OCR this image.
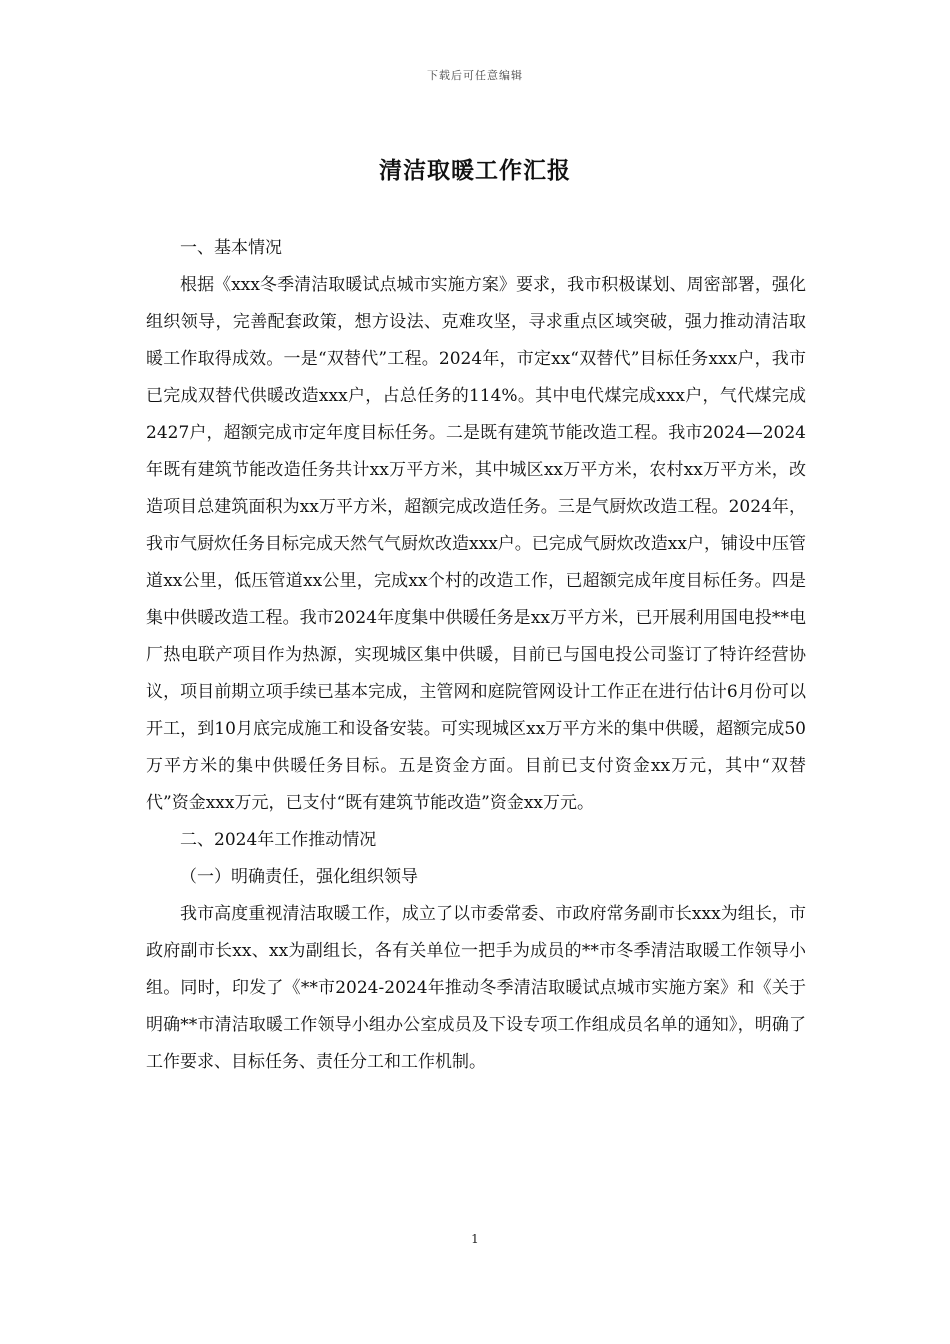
下载后可任意编辑
清洁取暖工作汇报

一、基本情况

根据《xxx冬季清洁取暖试点城市实施方案》要求，我市积极谋划、周密部署，强化组织领导，完善配套政策，想方设法、克难攻坚，寻求重点区域突破，强力推动清洁取暖工作取得成效。一是“双替代”工程。2024年，市定xx“双替代”目标任务xxx户，我市已完成双替代供暖改造xxx户，占总任务的114%。其中电代煤完成xxx户，气代煤完成2427户，超额完成市定年度目标任务。二是既有建筑节能改造工程。我市2024—2024年既有建筑节能改造任务共计xx万平方米，其中城区xx万平方米，农村xx万平方米，改造项目总建筑面积为xx万平方米，超额完成改造任务。三是气厨炊改造工程。2024年，我市气厨炊任务目标完成天然气气厨炊改造xxx户。已完成气厨炊改造xx户，铺设中压管道xx公里，低压管道xx公里，完成xx个村的改造工作，已超额完成年度目标任务。四是集中供暖改造工程。我市2024年度集中供暖任务是xx万平方米，已开展利用国电投**电厂热电联产项目作为热源，实现城区集中供暖，目前已与国电投公司鉴订了特许经营协议，项目前期立项手续已基本完成，主管网和庭院管网设计工作正在进行估计6月份可以开工，到10月底完成施工和设备安装。可实现城区xx万平方米的集中供暖，超额完成50万平方米的集中供暖任务目标。五是资金方面。目前已支付资金xx万元，其中“双替代”资金xxx万元，已支付“既有建筑节能改造”资金xx万元。

二、2024年工作推动情况

（一）明确责任，强化组织领导

我市高度重视清洁取暖工作，成立了以市委常委、市政府常务副市长xxx为组长，市政府副市长xx、xx为副组长，各有关单位一把手为成员的**市冬季清洁取暖工作领导小组。同时，印发了《**市2024-2024年推动冬季清洁取暖试点城市实施方案》和《关于明确**市清洁取暖工作领导小组办公室成员及下设专项工作组成员名单的通知》，明确了工作要求、目标任务、责任分工和工作机制。

1
